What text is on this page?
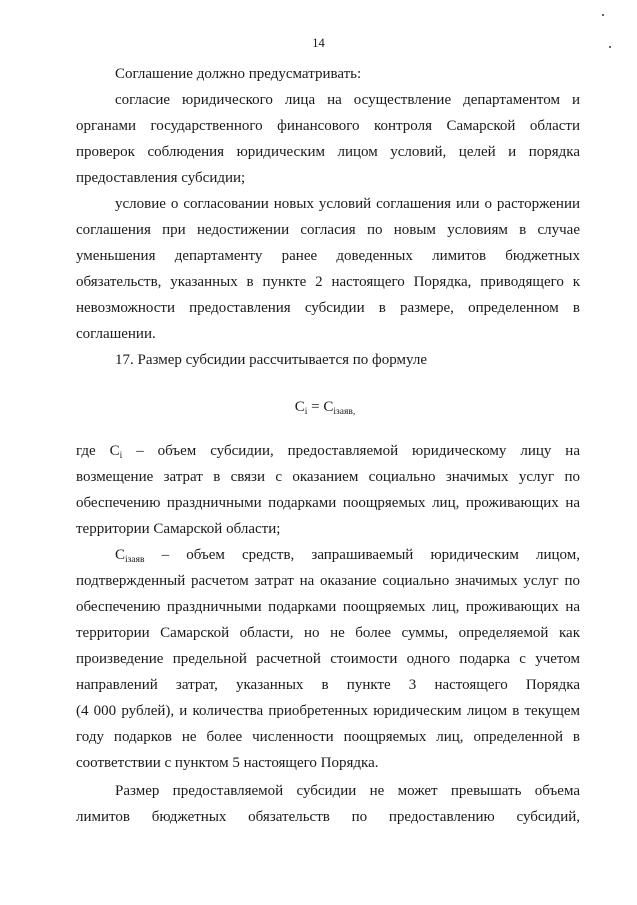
14
Соглашение должно предусматривать:
согласие юридического лица на осуществление департаментом и
органами государственного финансового контроля Самарской области
проверок соблюдения юридическим лицом условий, целей и порядка
предоставления субсидии;
условие о согласовании новых условий соглашения или о расторжении
соглашения при недостижении согласия по новым условиям в случае
уменьшения департаменту ранее доведенных лимитов бюджетных
обязательств, указанных в пункте 2 настоящего Порядка, приводящего к
невозможности предоставления субсидии в размере, определенном в
соглашении.
17. Размер субсидии рассчитывается по формуле
$C_i = C_{iзаяв,}$
где $C_i$ – объем субсидии, предоставляемой юридическому лицу на
возмещение затрат в связи с оказанием социально значимых услуг по
обеспечению праздничными подарками поощряемых лиц, проживающих на
территории Самарской области;
$C_{iзаяв}$ – объем средств, запрашиваемый юридическим лицом,
подтвержденный расчетом затрат на оказание социально значимых услуг по
обеспечению праздничными подарками поощряемых лиц, проживающих на
территории Самарской области, но не более суммы, определяемой как
произведение предельной расчетной стоимости одного подарка с учетом
направлений затрат, указанных в пункте 3 настоящего Порядка
(4 000 рублей), и количества приобретенных юридическим лицом в текущем
году подарков не более численности поощряемых лиц, определенной в
соответствии с пунктом 5 настоящего Порядка.
Размер предоставляемой субсидии не может превышать объема
лимитов бюджетных обязательств по предоставлению субсидий,
